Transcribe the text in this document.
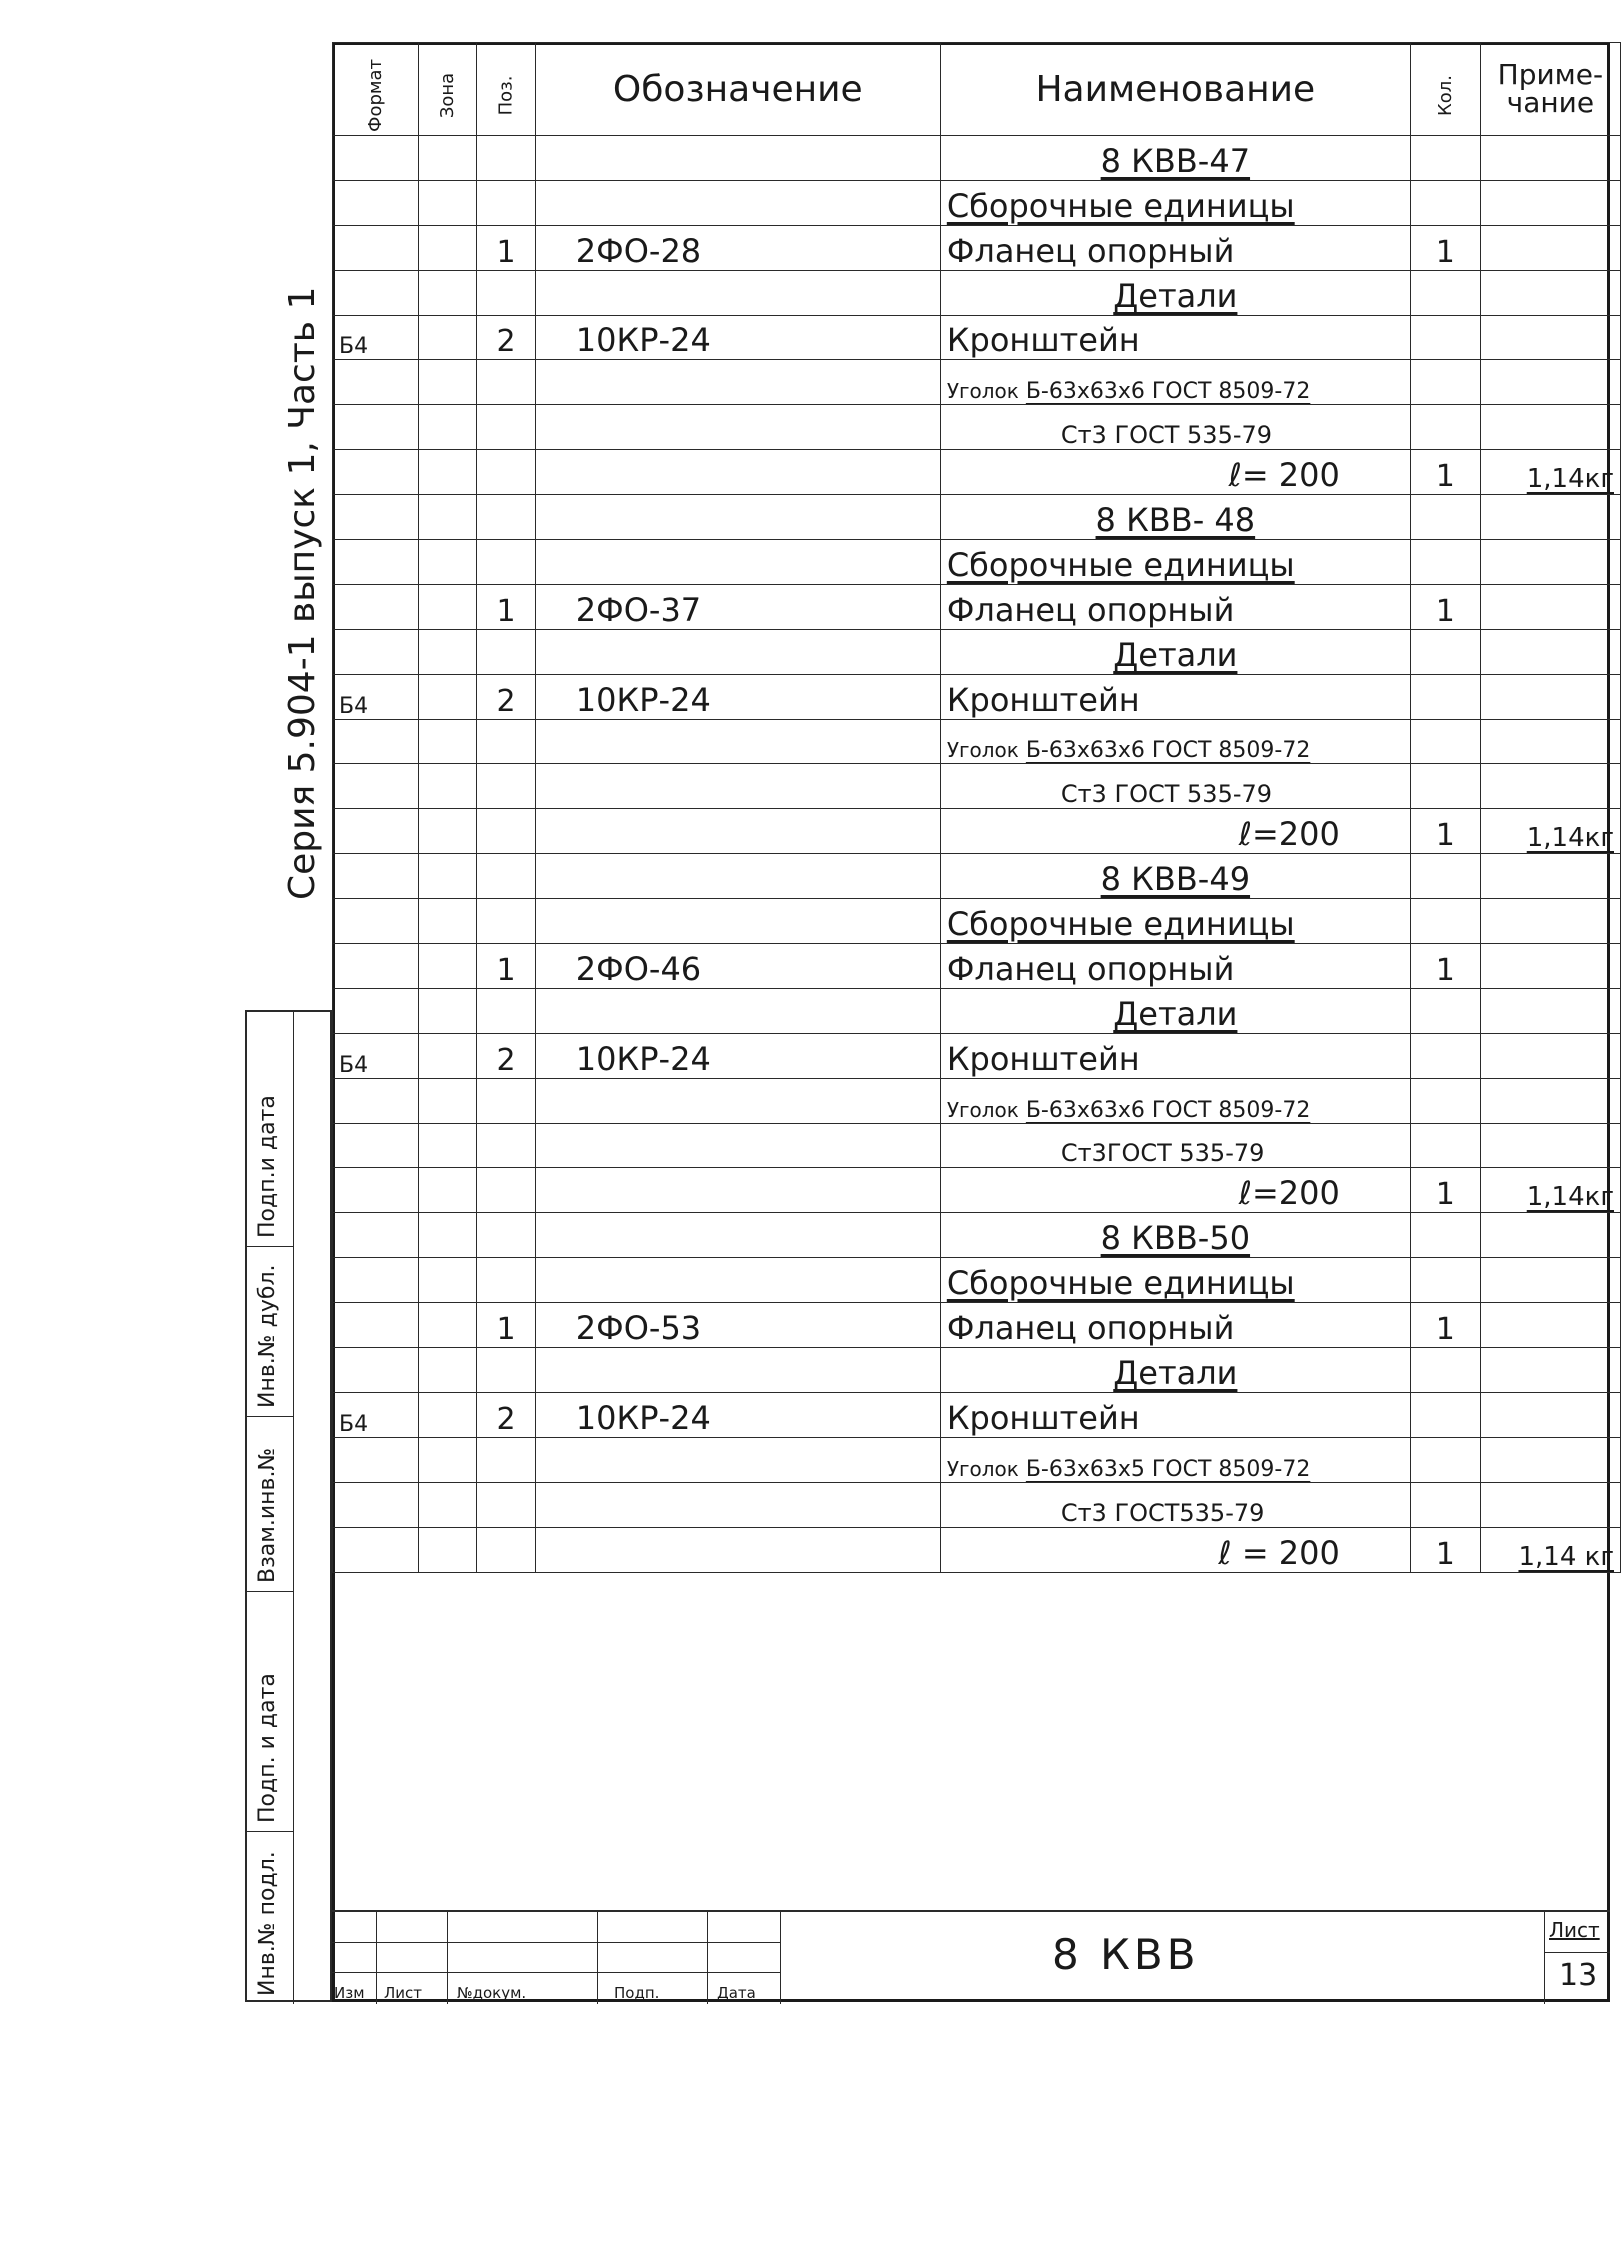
Серия 5.904-1 выпуск 1, Часть 1
Подп.и дата
Инв.№ дубл.
Взам.инв.№
Подп. и дата
Инв.№ подл.
Формат	Зона	Поз.	Обозначение	Наименование	Кол.	Приме-
чание

				8 КВВ-47		
				Сборочные единицы		
		1	2ФО-28	Фланец опорный	1	
				Детали		
Б4		2	10КР-24	Кронштейн		
				Уголок Б-63х63х6 ГОСТ 8509-72		
				Ст3 ГОСТ 535-79		
				ℓ= 200	1	1,14кг
				8 КВВ- 48		
				Сборочные единицы		
		1	2ФО-37	Фланец опорный	1	
				Детали		
Б4		2	10КР-24	Кронштейн		
				Уголок Б-63х63х6 ГОСТ 8509-72		
				Ст3 ГОСТ 535-79		
				ℓ=200	1	1,14кг
				8 КВВ-49		
				Сборочные единицы		
		1	2ФО-46	Фланец опорный	1	
				Детали		
Б4		2	10КР-24	Кронштейн		
				Уголок Б-63х63х6 ГОСТ 8509-72		
				Ст3ГОСТ 535-79		
				ℓ=200	1	1,14кг
				8 КВВ-50		
				Сборочные единицы		
		1	2ФО-53	Фланец опорный	1	
				Детали		
Б4		2	10КР-24	Кронштейн		
				Уголок Б-63х63х5 ГОСТ 8509-72		
				Ст3 ГОСТ535-79		
				ℓ = 200	1	1,14 кг
Изм Лист №докум.	Подп.	Дата
8 КВВ	Лист
13
